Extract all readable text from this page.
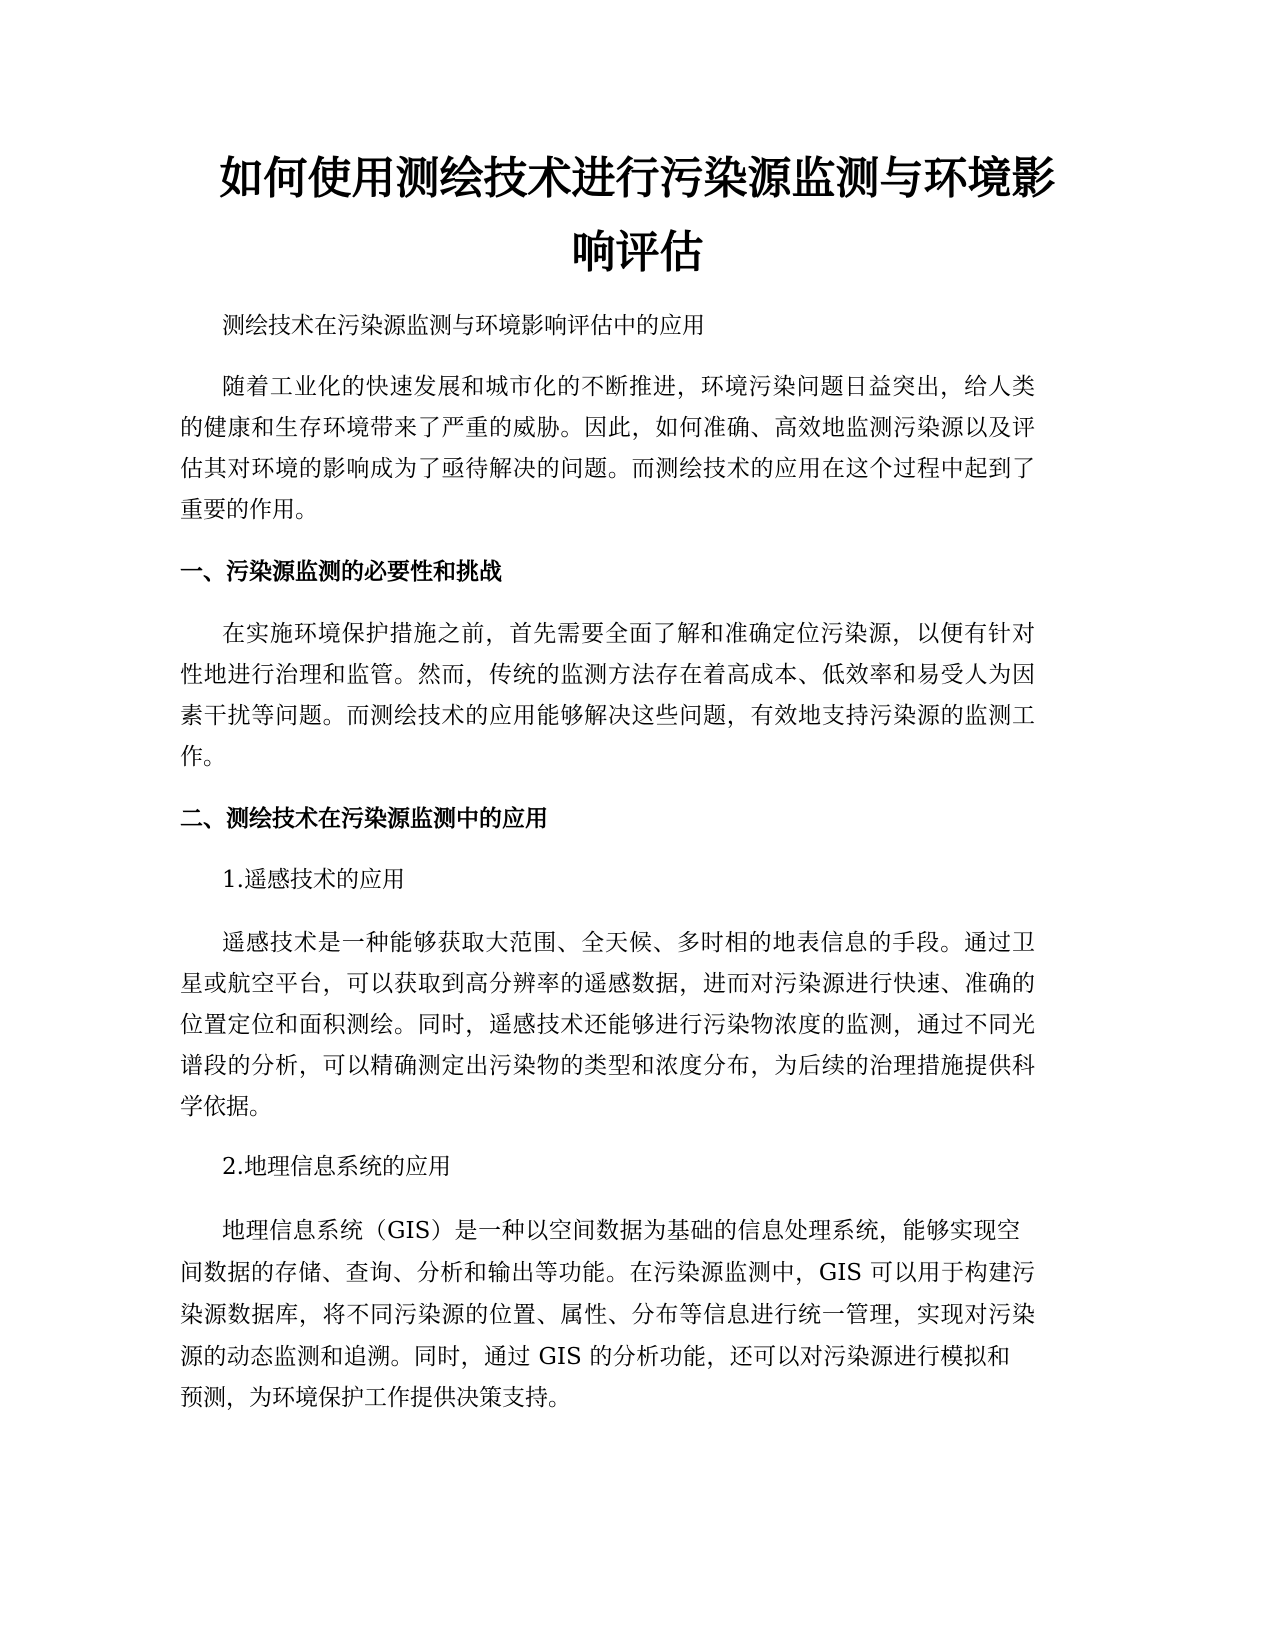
如何使用测绘技术进行污染源监测与环境影
响评估

测绘技术在污染源监测与环境影响评估中的应用

随着工业化的快速发展和城市化的不断推进，环境污染问题日益突出，给人类

的健康和生存环境带来了严重的威胁。因此，如何准确、高效地监测污染源以及评

估其对环境的影响成为了亟待解决的问题。而测绘技术的应用在这个过程中起到了

重要的作用。

一、污染源监测的必要性和挑战

在实施环境保护措施之前，首先需要全面了解和准确定位污染源，以便有针对

性地进行治理和监管。然而，传统的监测方法存在着高成本、低效率和易受人为因

素干扰等问题。而测绘技术的应用能够解决这些问题，有效地支持污染源的监测工

作。

二、测绘技术在污染源监测中的应用

1.遥感技术的应用

遥感技术是一种能够获取大范围、全天候、多时相的地表信息的手段。通过卫

星或航空平台，可以获取到高分辨率的遥感数据，进而对污染源进行快速、准确的

位置定位和面积测绘。同时，遥感技术还能够进行污染物浓度的监测，通过不同光

谱段的分析，可以精确测定出污染物的类型和浓度分布，为后续的治理措施提供科

学依据。

2.地理信息系统的应用

地理信息系统（GIS）是一种以空间数据为基础的信息处理系统，能够实现空

间数据的存储、查询、分析和输出等功能。在污染源监测中，GIS 可以用于构建污

染源数据库，将不同污染源的位置、属性、分布等信息进行统一管理，实现对污染

源的动态监测和追溯。同时，通过 GIS 的分析功能，还可以对污染源进行模拟和

预测，为环境保护工作提供决策支持。
